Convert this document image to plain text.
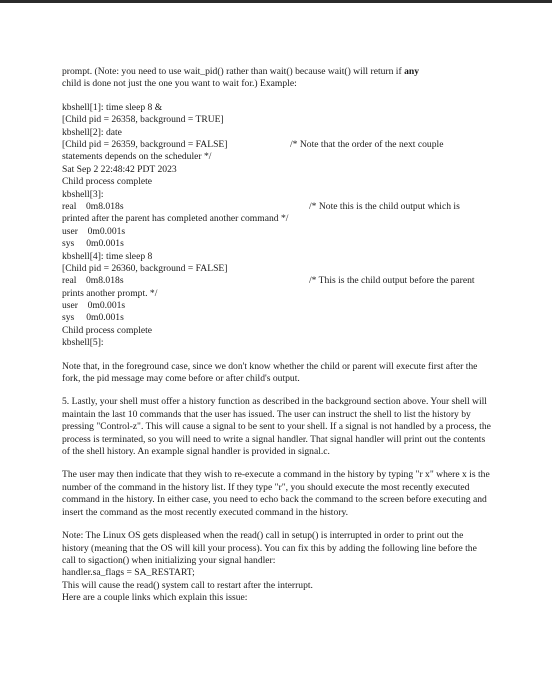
prompt. (Note: you need to use wait_pid() rather than wait() because wait() will return if any
child is done not just the one you want to wait for.) Example:

kbshell[1]: time sleep 8 &
[Child pid = 26358, background = TRUE]
kbshell[2]: date
[Child pid = 26359, background = FALSE]	/* Note that the order of the next couple
statements depends on the scheduler */
Sat Sep 2 22:48:42 PDT 2023
Child process complete
kbshell[3]:
real    0m8.018s	/* Note this is the child output which is
printed after the parent has completed another command */
user    0m0.001s
sys     0m0.001s
kbshell[4]: time sleep 8
[Child pid = 26360, background = FALSE]
real    0m8.018s	/* This is the child output before the parent
prints another prompt. */
user    0m0.001s
sys     0m0.001s
Child process complete
kbshell[5]:

Note that, in the foreground case, since we don't know whether the child or parent will execute first after the fork, the pid message may come before or after child's output.

5. Lastly, your shell must offer a history function as described in the background section above. Your shell will maintain the last 10 commands that the user has issued. The user can instruct the shell to list the history by pressing "Control-z". This will cause a signal to be sent to your shell. If a signal is not handled by a process, the process is terminated, so you will need to write a signal handler. That signal handler will print out the contents of the shell history. An example signal handler is provided in signal.c.

The user may then indicate that they wish to re-execute a command in the history by typing "r x" where x is the number of the command in the history list. If they type "r", you should execute the most recently executed command in the history. In either case, you need to echo back the command to the screen before executing and insert the command as the most recently executed command in the history.

Note: The Linux OS gets displeased when the read() call in setup() is interrupted in order to print out the history (meaning that the OS will kill your process). You can fix this by adding the following line before the call to sigaction() when initializing your signal handler:
handler.sa_flags = SA_RESTART;
This will cause the read() system call to restart after the interrupt.
Here are a couple links which explain this issue:
